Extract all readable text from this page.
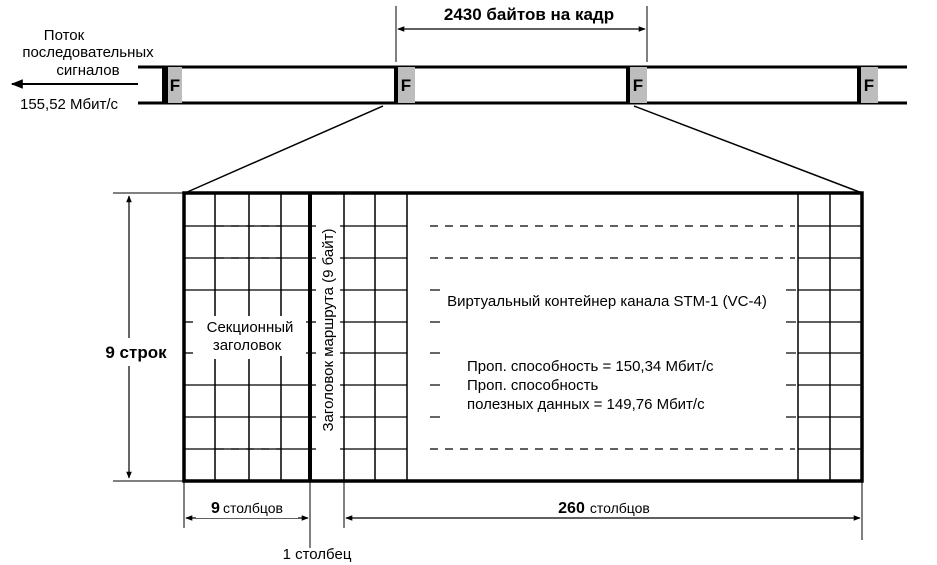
F	F	F	F
Поток
последовательных
сигналов
155,52 Мбит/с
2430 байтов на кадр
Секционный
заголовок	Заголовок маршрута (9 байт)	Виртуальный контейнер канала STM-1 (VC-4)
Проп. способность = 150,34 Мбит/с
Проп. способность
полезных данных = 149,76 Мбит/с
9 строк
9 столбцов	260 столбцов
1 столбец
